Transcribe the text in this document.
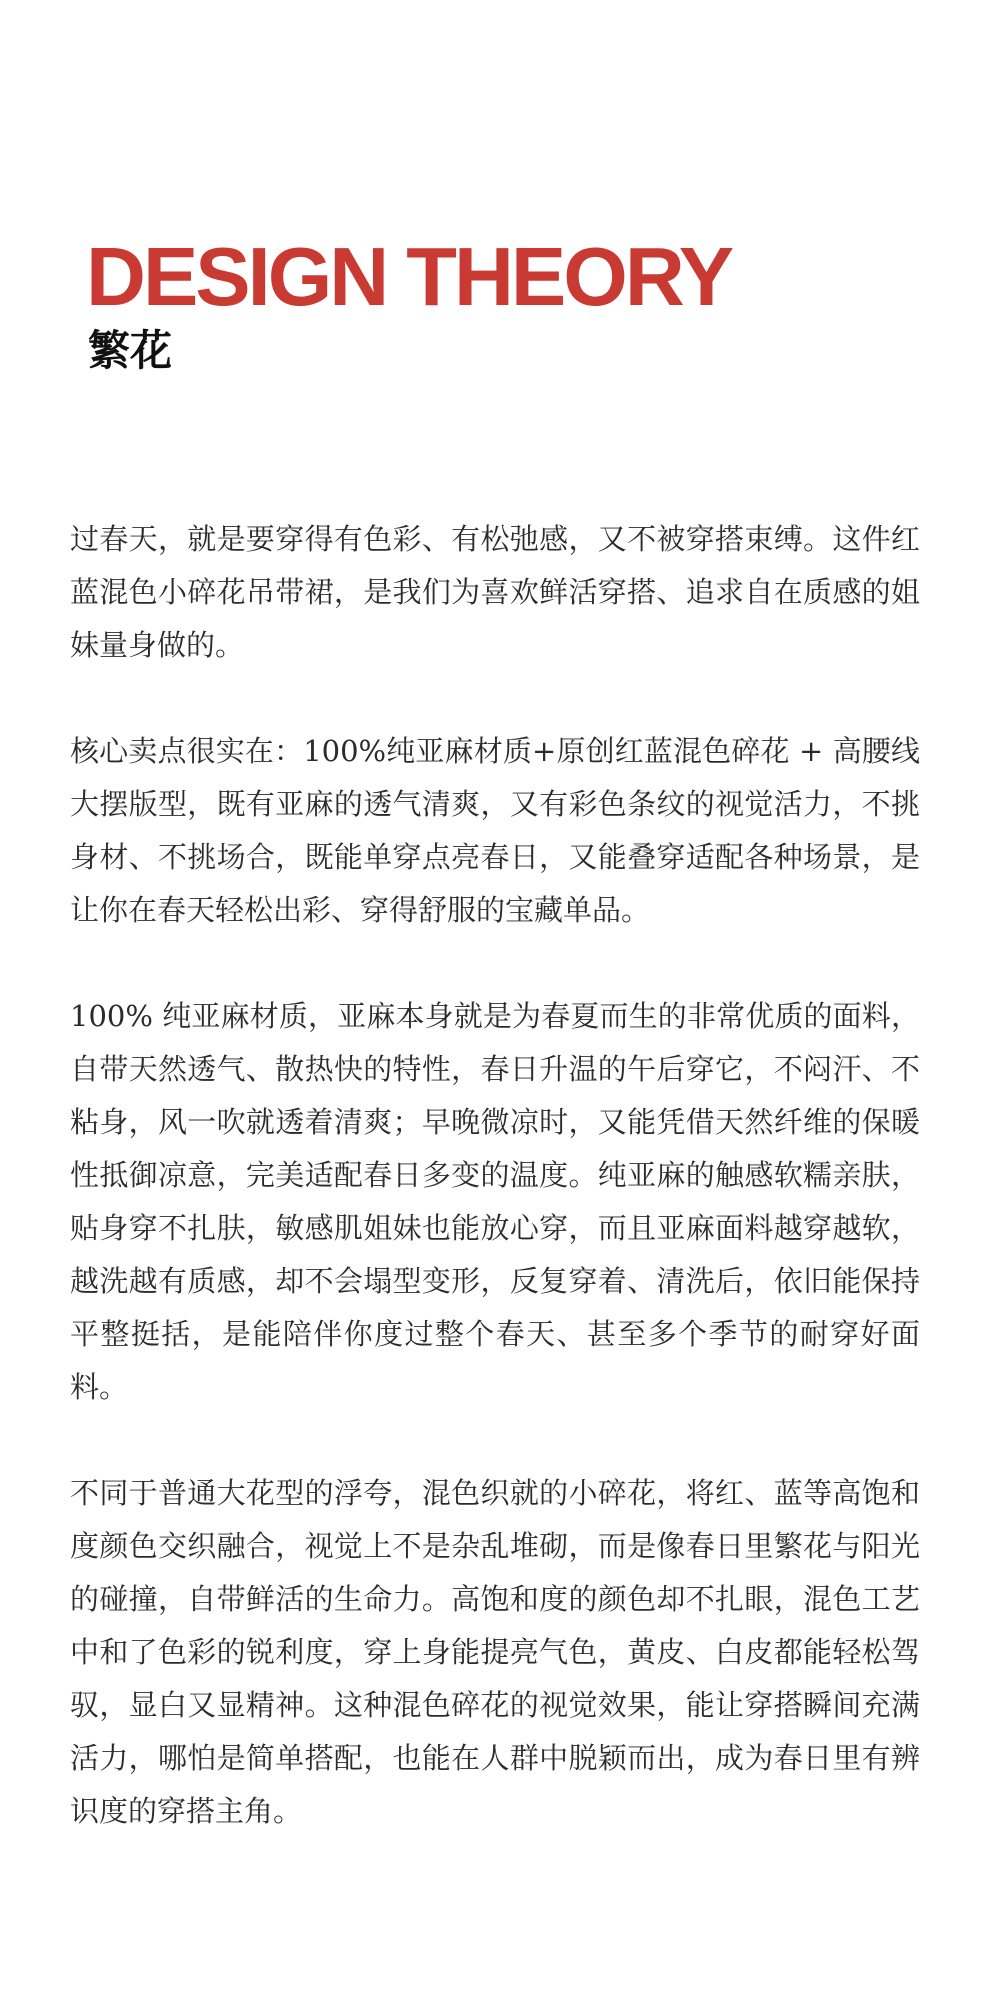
DESIGN THEORY
繁花

过春天，就是要穿得有色彩、有松弛感，又不被穿搭束缚。这件红蓝混色小碎花吊带裙，是我们为喜欢鲜活穿搭、追求自在质感的姐妹量身做的。

核心卖点很实在：100%纯亚麻材质+原创红蓝混色碎花 + 高腰线大摆版型，既有亚麻的透气清爽，又有彩色条纹的视觉活力，不挑身材、不挑场合，既能单穿点亮春日，又能叠穿适配各种场景，是让你在春天轻松出彩、穿得舒服的宝藏单品。

100% 纯亚麻材质，亚麻本身就是为春夏而生的非常优质的面料，自带天然透气、散热快的特性，春日升温的午后穿它，不闷汗、不粘身，风一吹就透着清爽；早晚微凉时，又能凭借天然纤维的保暖性抵御凉意，完美适配春日多变的温度。纯亚麻的触感软糯亲肤，贴身穿不扎肤，敏感肌姐妹也能放心穿，而且亚麻面料越穿越软，越洗越有质感，却不会塌型变形，反复穿着、清洗后，依旧能保持平整挺括，是能陪伴你度过整个春天、甚至多个季节的耐穿好面料。

不同于普通大花型的浮夸，混色织就的小碎花，将红、蓝等高饱和度颜色交织融合，视觉上不是杂乱堆砌，而是像春日里繁花与阳光的碰撞，自带鲜活的生命力。高饱和度的颜色却不扎眼，混色工艺中和了色彩的锐利度，穿上身能提亮气色，黄皮、白皮都能轻松驾驭，显白又显精神。这种混色碎花的视觉效果，能让穿搭瞬间充满活力，哪怕是简单搭配，也能在人群中脱颖而出，成为春日里有辨识度的穿搭主角。
